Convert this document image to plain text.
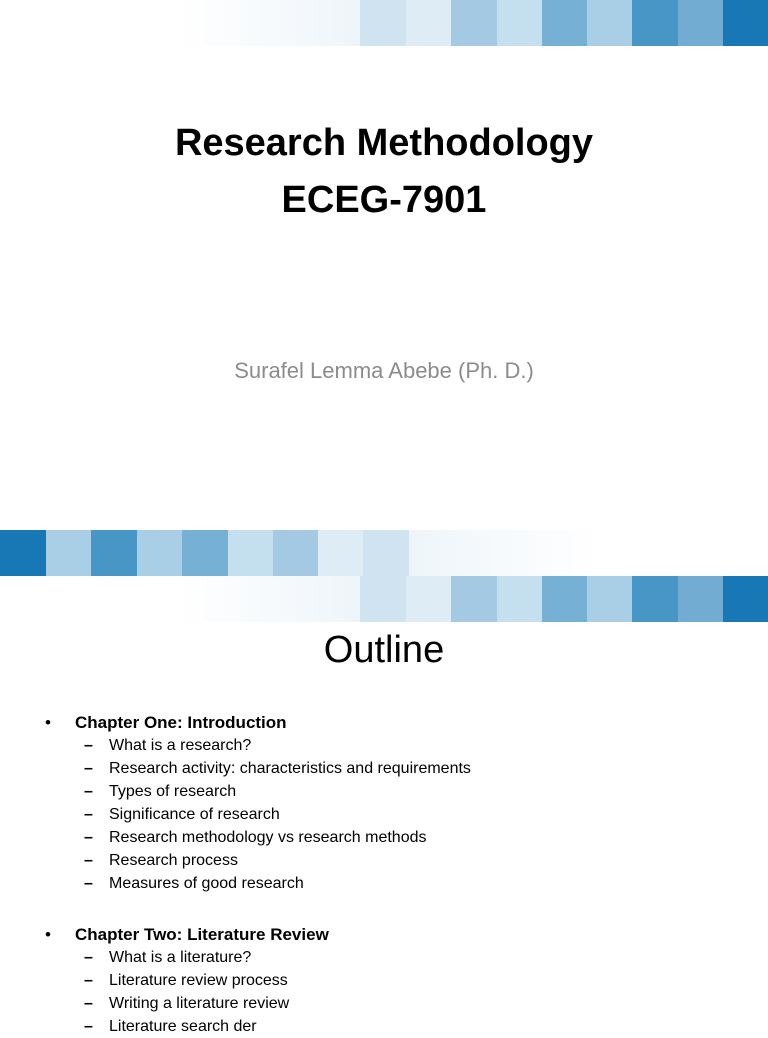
Research Methodology
ECEG-7901
Surafel Lemma Abebe (Ph. D.)
Outline
• Chapter One: Introduction
– What is a research?
– Research activity: characteristics and requirements
– Types of research
– Significance of research
– Research methodology vs research methods
– Research process
– Measures of good research
• Chapter Two: Literature Review
– What is a literature?
– Literature review process
– Writing a literature review
– Literature search der
